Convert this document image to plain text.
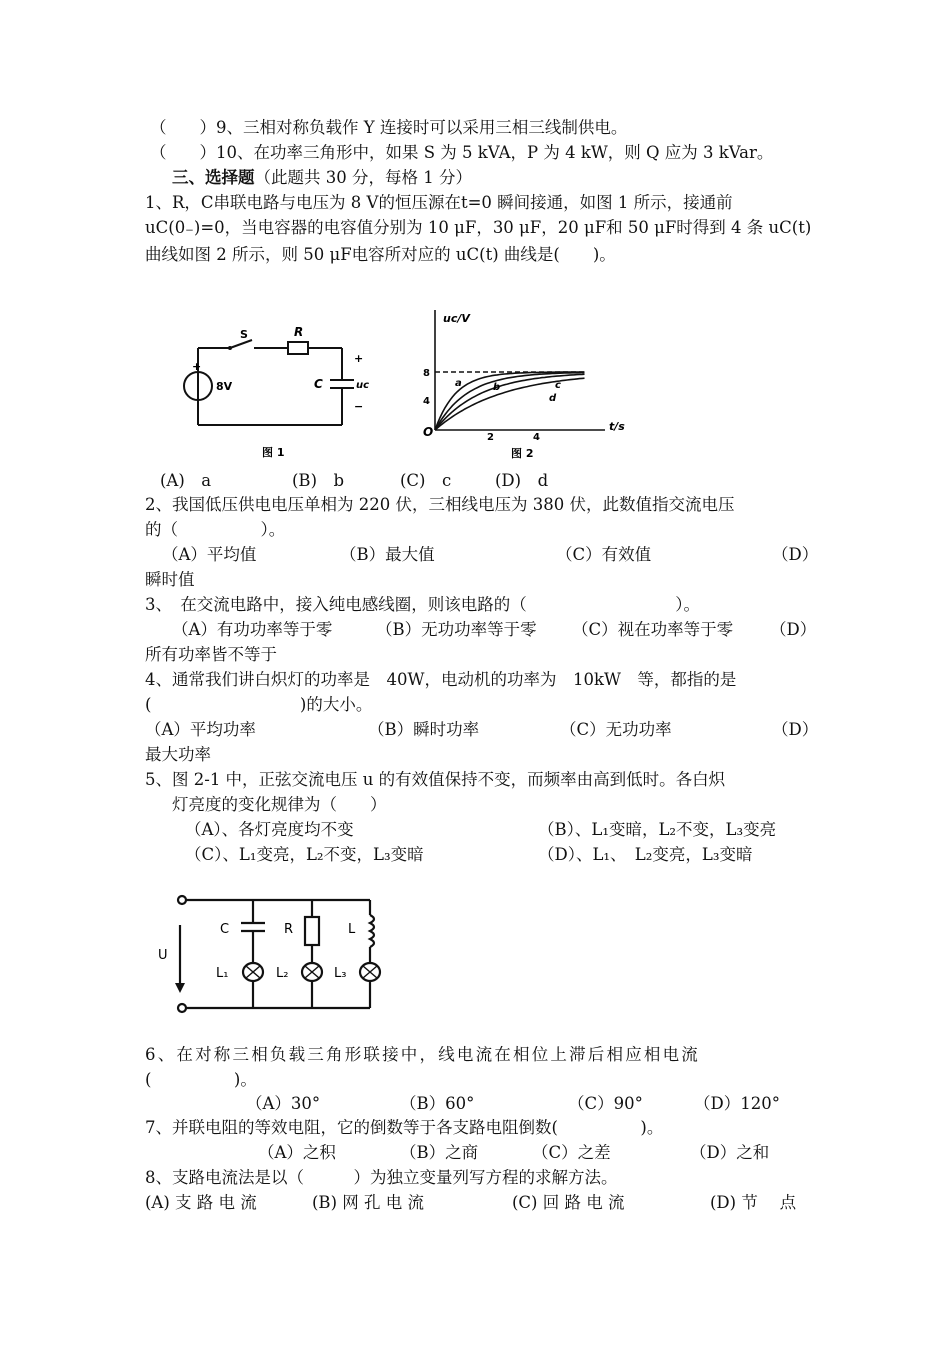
（　　）9、三相对称负载作 Y 连接时可以采用三相三线制供电。
（　　）10、在功率三角形中，如果 S 为 5 kVA，P 为 4 kW，则 Q 应为 3 kVar。
三、选择题（此题共 30 分，每格 1 分）
1、R，C串联电路与电压为 8 V的恒压源在t=0 瞬间接通，如图 1 所示，接通前
uC(0₋)=0，当电容器的电容值分别为 10 μF，30 μF，20 μF和 50 μF时得到 4 条 uC(t)
曲线如图 2 所示，则 50 μF电容所对应的 uC(t) 曲线是(　　)。
+
S	R
8V	C
+
uc
−
图 1
uc/V
t/s
O
4
8
2	4
a	b	c
d
图 2
(A)　a	(B)　b	(C)　c	(D)　d
2、我国低压供电电压单相为 220 伏，三相线电压为 380 伏，此数值指交流电压
的（　　　　　）。
（A）平均值	（B）最大值	（C）有效值	（D）
瞬时值
3、　在交流电路中，接入纯电感线圈，则该电路的（　　　　　　　　　）。
（A）有功功率等于零	（B）无功功率等于零 （C）视在功率等于零 （D）
所有功率皆不等于
4、通常我们讲白炽灯的功率是　40W，电动机的功率为　10kW　等，都指的是
(　　　　　　　　　)的大小。
（A）平均功率	（B）瞬时功率	（C）无功功率	（D）
最大功率
5、图 2-1 中，正弦交流电压 u 的有效值保持不变，而频率由高到低时。各白炽
灯亮度的变化规律为（　　）
（A）、各灯亮度均不变	（B）、L₁变暗，L₂不变，L₃变亮
（C）、L₁变亮，L₂不变，L₃变暗	（D）、L₁、　L₂变亮，L₃变暗
U
C	R	L
L₁	L₂	L₃
6、在对称三相负载三角形联接中，线电流在相位上滞后相应相电流
(　　　　　)。
（A）30°	（B）60°	（C）90°	（D）120°
7、并联电阻的等效电阻，它的倒数等于各支路电阻倒数(　　　　　)。
（A）之积	（B）之商	（C）之差	（D）之和
8、支路电流法是以（　　　）为独立变量列写方程的求解方法。
(A) 支 路 电 流	(B) 网 孔 电 流	(C) 回 路 电 流	(D) 节　 点
